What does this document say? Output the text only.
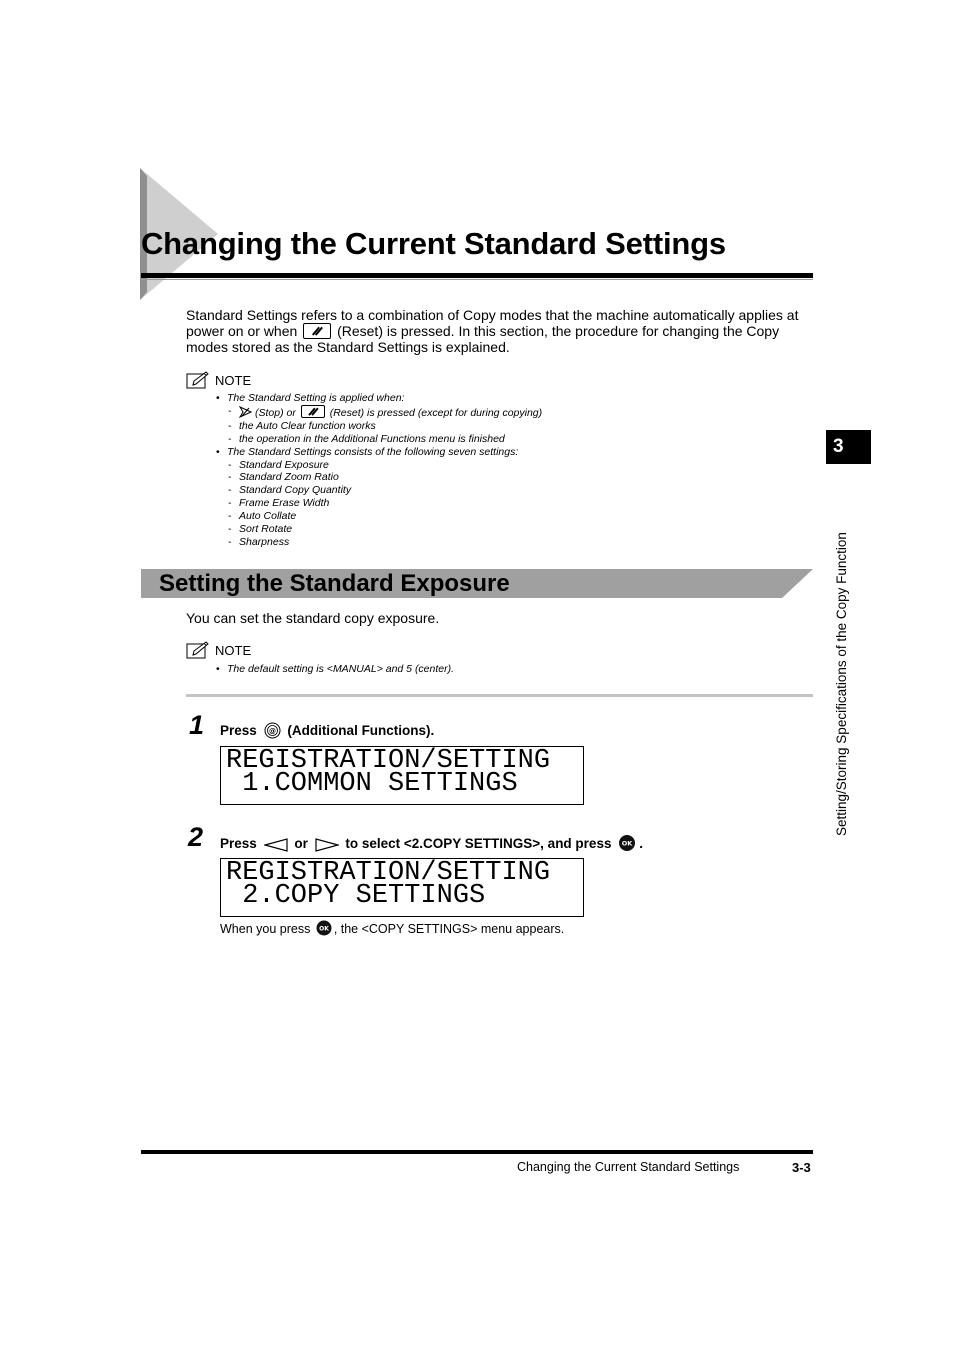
Changing the Current Standard Settings
Standard Settings refers to a combination of Copy modes that the machine automatically applies at power on or when	(Reset) is pressed. In this section, the procedure for changing the Copy modes stored as the Standard Settings is explained.
NOTE
• The Standard Setting is applied when:
- (Stop) or	(Reset) is pressed (except for during copying)
- the Auto Clear function works
- the operation in the Additional Functions menu is finished
• The Standard Settings consists of the following seven settings:
- Standard Exposure
- Standard Zoom Ratio
- Standard Copy Quantity
- Frame Erase Width
- Auto Collate
- Sort Rotate
- Sharpness
Setting the Standard Exposure
You can set the standard copy exposure.
NOTE
• The default setting is <MANUAL> and 5 (center).
1 Press @ (Additional Functions).
REGISTRATION/SETTING
1.COMMON SETTINGS
2 Press	or	to select <2.COPY SETTINGS>, and press OK .
REGISTRATION/SETTING
2.COPY SETTINGS
When you press OK , the <COPY SETTINGS> menu appears.
3
Setting/Storing Specifications of the Copy Function
Changing the Current Standard Settings	3-3
